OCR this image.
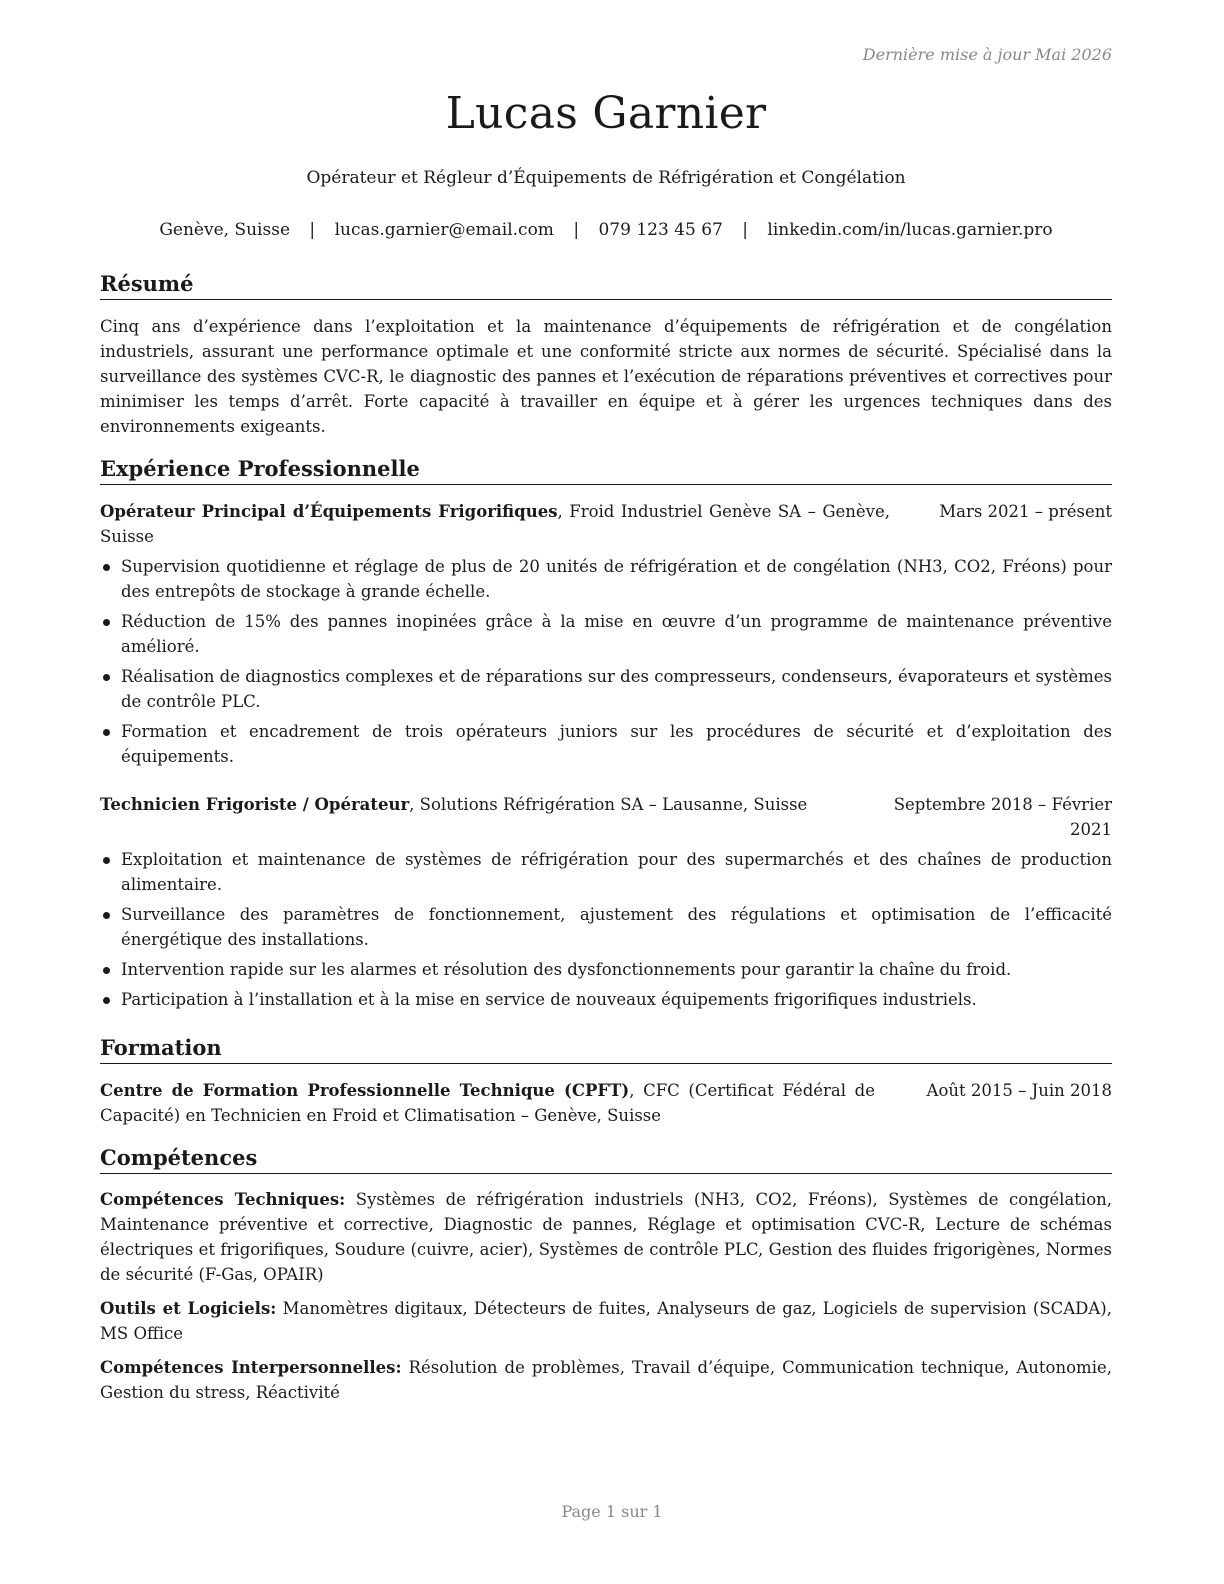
Dernière mise à jour Mai 2026
Lucas Garnier
Opérateur et Régleur d’Équipements de Réfrigération et Congélation
Genève, Suisse | lucas.garnier@email.com | 079 123 45 67 | linkedin.com/in/lucas.garnier.pro
Résumé
Cinq ans d’expérience dans l’exploitation et la maintenance d’équipements de réfrigération et de congélation industriels, assurant une performance optimale et une conformité stricte aux normes de sécurité. Spécialisé dans la surveillance des systèmes CVC-R, le diagnostic des pannes et l’exécution de réparations préventives et correctives pour minimiser les temps d’arrêt. Forte capacité à travailler en équipe et à gérer les urgences techniques dans des environnements exigeants.
Expérience Professionnelle
Opérateur Principal d’Équipements Frigorifiques, Froid Industriel Genève SA – Genève, Suisse
Mars 2021 – présent
Supervision quotidienne et réglage de plus de 20 unités de réfrigération et de congélation (NH3, CO2, Fréons) pour des entrepôts de stockage à grande échelle.
Réduction de 15% des pannes inopinées grâce à la mise en œuvre d’un programme de maintenance préventive amélioré.
Réalisation de diagnostics complexes et de réparations sur des compresseurs, condenseurs, évaporateurs et systèmes de contrôle PLC.
Formation et encadrement de trois opérateurs juniors sur les procédures de sécurité et d’exploitation des équipements.
Technicien Frigoriste / Opérateur, Solutions Réfrigération SA – Lausanne, Suisse	Septembre 2018 – Février 2021
Exploitation et maintenance de systèmes de réfrigération pour des supermarchés et des chaînes de production alimentaire.
Surveillance des paramètres de fonctionnement, ajustement des régulations et optimisation de l’efficacité énergétique des installations.
Intervention rapide sur les alarmes et résolution des dysfonctionnements pour garantir la chaîne du froid.
Participation à l’installation et à la mise en service de nouveaux équipements frigorifiques industriels.
Formation
Centre de Formation Professionnelle Technique (CPFT), CFC (Certificat Fédéral de Capacité) en Technicien en Froid et Climatisation – Genève, Suisse
Août 2015 – Juin 2018
Compétences
Compétences Techniques: Systèmes de réfrigération industriels (NH3, CO2, Fréons), Systèmes de congélation, Maintenance préventive et corrective, Diagnostic de pannes, Réglage et optimisation CVC-R, Lecture de schémas électriques et frigorifiques, Soudure (cuivre, acier), Systèmes de contrôle PLC, Gestion des fluides frigorigènes, Normes de sécurité (F-Gas, OPAIR)
Outils et Logiciels: Manomètres digitaux, Détecteurs de fuites, Analyseurs de gaz, Logiciels de supervision (SCADA), MS Office
Compétences Interpersonnelles: Résolution de problèmes, Travail d’équipe, Communication technique, Autonomie, Gestion du stress, Réactivité
Page 1 sur 1
